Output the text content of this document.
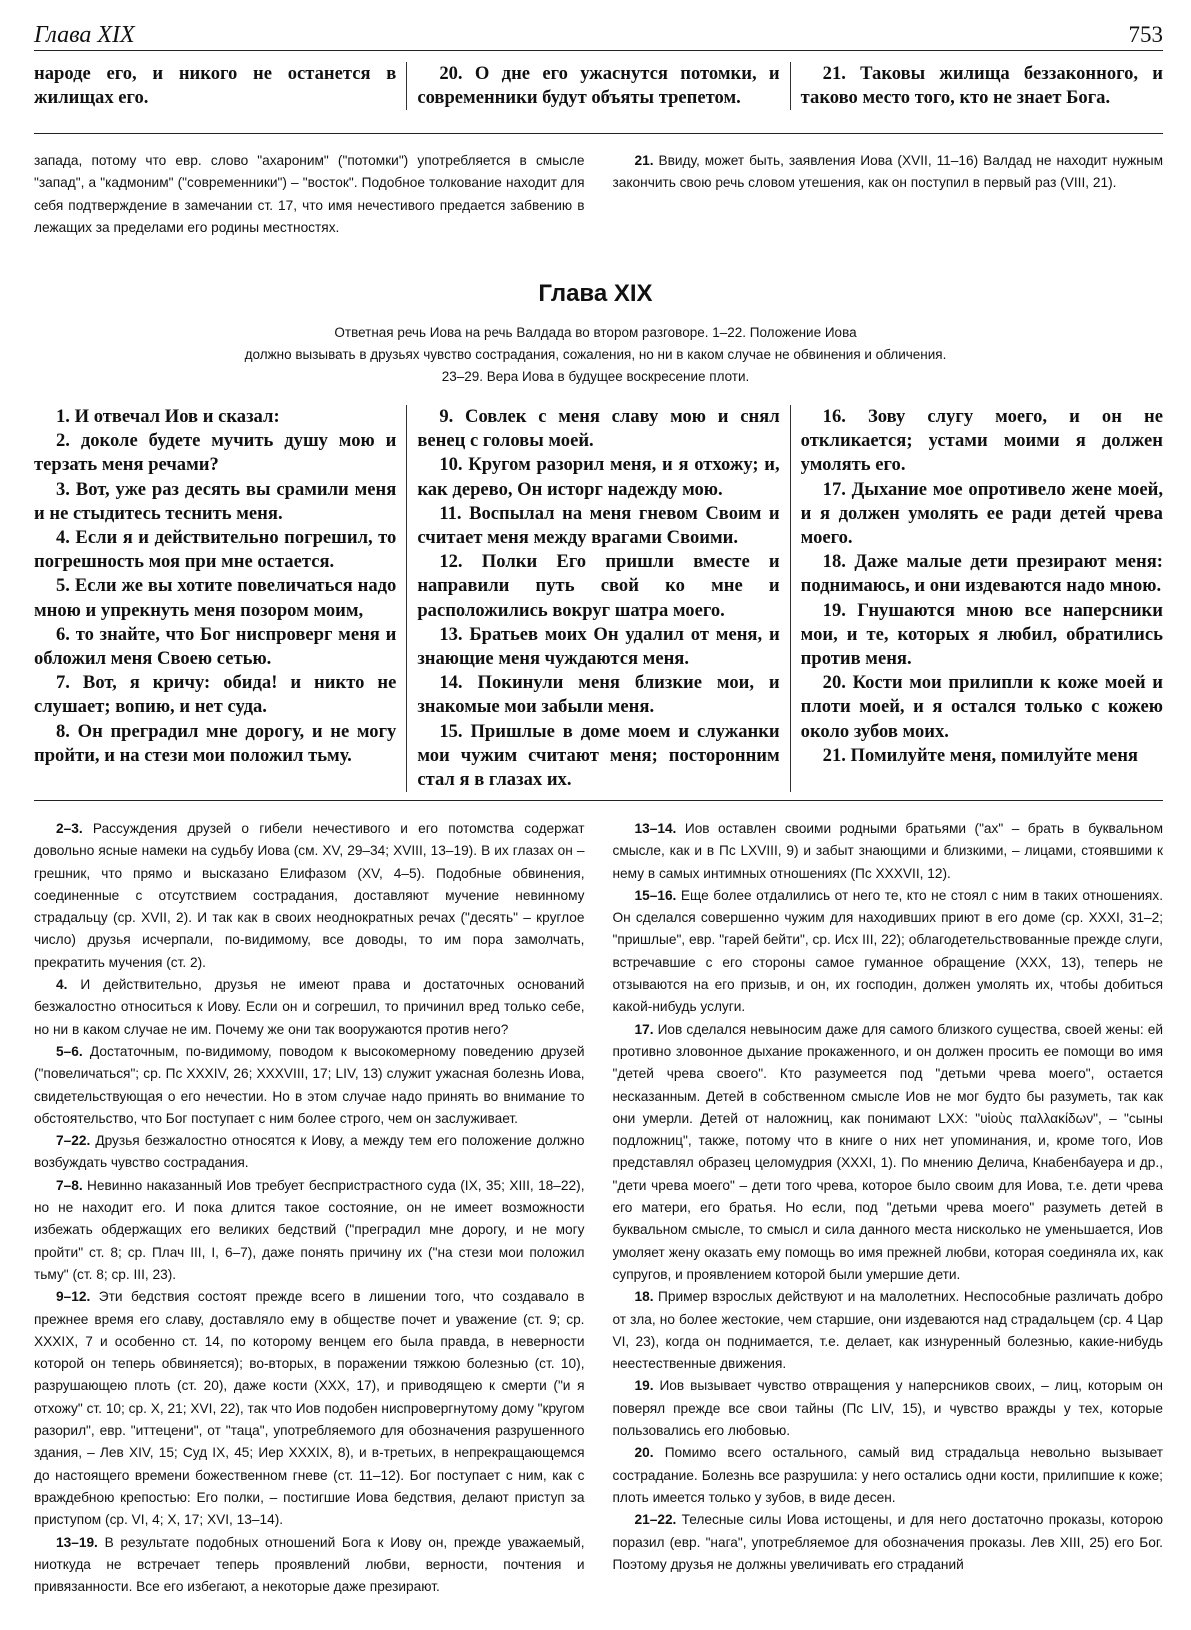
Глава XIX	753

народе его, и никого не останется в жилищах его.

20. О дне его ужаснутся потомки, и современники будут объяты трепетом.

21. Таковы жилища беззаконного, и таково место того, кто не знает Бога.

запада, потому что евр. слово "ахароним" ("потомки") употребляется в смысле "запад", а "кадмоним" ("современники") – "восток". Подобное толкование находит для себя подтверждение в замечании ст. 17, что имя нечестивого предается забвению в лежащих за пределами его родины местностях.

21. Ввиду, может быть, заявления Иова (XVII, 11–16) Валдад не находит нужным закончить свою речь словом утешения, как он поступил в первый раз (VIII, 21).

Глава XIX
Ответная речь Иова на речь Валдада во втором разговоре. 1–22. Положение Иова
должно вызывать в друзьях чувство сострадания, сожаления, но ни в каком случае не обвинения и обличения.
23–29. Вера Иова в будущее воскресение плоти.

1. И отвечал Иов и сказал:

2. доколе будете мучить душу мою и терзать меня речами?

3. Вот, уже раз десять вы срамили меня и не стыдитесь теснить меня.

4. Если я и действительно погрешил, то погрешность моя при мне остается.

5. Если же вы хотите повеличаться надо мною и упрекнуть меня позором моим,

6. то знайте, что Бог ниспроверг меня и обложил меня Своею сетью.

7. Вот, я кричу: обида! и никто не слушает; вопию, и нет суда.

8. Он преградил мне дорогу, и не могу пройти, и на стези мои положил тьму.

9. Совлек с меня славу мою и снял венец с головы моей.

10. Кругом разорил меня, и я отхожу; и, как дерево, Он исторг надежду мою.

11. Воспылал на меня гневом Своим и считает меня между врагами Своими.

12. Полки Его пришли вместе и направили путь свой ко мне и расположились вокруг шатра моего.

13. Братьев моих Он удалил от меня, и знающие меня чуждаются меня.

14. Покинули меня близкие мои, и знакомые мои забыли меня.

15. Пришлые в доме моем и служанки мои чужим считают меня; посторонним стал я в глазах их.

16. Зову слугу моего, и он не откликается; устами моими я должен умолять его.

17. Дыхание мое опротивело жене моей, и я должен умолять ее ради детей чрева моего.

18. Даже малые дети презирают меня: поднимаюсь, и они издеваются надо мною.

19. Гнушаются мною все наперсники мои, и те, которых я любил, обратились против меня.

20. Кости мои прилипли к коже моей и плоти моей, и я остался только с кожею около зубов моих.

21. Помилуйте меня, помилуйте меня

2–3. Рассуждения друзей о гибели нечестивого и его потомства содержат довольно ясные намеки на судьбу Иова (см. XV, 29–34; XVIII, 13–19). В их глазах он – грешник, что прямо и высказано Елифазом (XV, 4–5). Подобные обвинения, соединенные с отсутствием сострадания, доставляют мучение невинному страдальцу (ср. XVII, 2). И так как в своих неоднократных речах ("десять" – круглое число) друзья исчерпали, по-видимому, все доводы, то им пора замолчать, прекратить мучения (ст. 2).

4. И действительно, друзья не имеют права и достаточных оснований безжалостно относиться к Иову. Если он и согрешил, то причинил вред только себе, но ни в каком случае не им. Почему же они так вооружаются против него?

5–6. Достаточным, по-видимому, поводом к высокомерному поведению друзей ("повеличаться"; ср. Пс XXXIV, 26; XXXVIII, 17; LIV, 13) служит ужасная болезнь Иова, свидетельствующая о его нечестии. Но в этом случае надо принять во внимание то обстоятельство, что Бог поступает с ним более строго, чем он заслуживает.

7–22. Друзья безжалостно относятся к Иову, а между тем его положение должно возбуждать чувство сострадания.

7–8. Невинно наказанный Иов требует беспристрастного суда (IX, 35; XIII, 18–22), но не находит его. И пока длится такое состояние, он не имеет возможности избежать обдержащих его великих бедствий ("преградил мне дорогу, и не могу пройти" ст. 8; ср. Плач III, I, 6–7), даже понять причину их ("на стези мои положил тьму" (ст. 8; ср. III, 23).

9–12. Эти бедствия состоят прежде всего в лишении того, что создавало в прежнее время его славу, доставляло ему в обществе почет и уважение (ст. 9; ср. XXXIX, 7 и особенно ст. 14, по которому венцем его была правда, в неверности которой он теперь обвиняется); во-вторых, в поражении тяжкою болезнью (ст. 10), разрушающею плоть (ст. 20), даже кости (XXX, 17), и приводящею к смерти ("и я отхожу" ст. 10; ср. X, 21; XVI, 22), так что Иов подобен ниспровергнутому дому "кругом разорил", евр. "иттецени", от "таца", употребляемого для обозначения разрушенного здания, – Лев XIV, 15; Суд IX, 45; Иер XXXIX, 8), и в-третьих, в непрекращающемся до настоящего времени божественном гневе (ст. 11–12). Бог поступает с ним, как с враждебною крепостью: Его полки, – постигшие Иова бедствия, делают приступ за приступом (ср. VI, 4; X, 17; XVI, 13–14).

13–19. В результате подобных отношений Бога к Иову он, прежде уважаемый, ниоткуда не встречает теперь проявлений любви, верности, почтения и привязанности. Все его избегают, а некоторые даже презирают.

13–14. Иов оставлен своими родными братьями ("ах" – брать в буквальном смысле, как и в Пс LXVIII, 9) и забыт знающими и близкими, – лицами, стоявшими к нему в самых интимных отношениях (Пс XXXVII, 12).

15–16. Еще более отдалились от него те, кто не стоял с ним в таких отношениях. Он сделался совершенно чужим для находивших приют в его доме (ср. XXXI, 31–2; "пришлые", евр. "гарей бейти", ср. Исх III, 22); облагодетельствованные прежде слуги, встречавшие с его стороны самое гуманное обращение (XXX, 13), теперь не отзываются на его призыв, и он, их господин, должен умолять их, чтобы добиться какой-нибудь услуги.

17. Иов сделался невыносим даже для самого близкого существа, своей жены: ей противно зловонное дыхание прокаженного, и он должен просить ее помощи во имя "детей чрева своего". Кто разумеется под "детьми чрева моего", остается несказанным. Детей в собственном смысле Иов не мог будто бы разуметь, так как они умерли. Детей от наложниц, как понимают LXX: "υἱοὺς παλλακίδων", – "сыны подложниц", также, потому что в книге о них нет упоминания, и, кроме того, Иов представлял образец целомудрия (XXXI, 1). По мнению Делича, Кнабенбауера и др., "дети чрева моего" – дети того чрева, которое было своим для Иова, т.е. дети чрева его матери, его братья. Но если, под "детьми чрева моего" разуметь детей в буквальном смысле, то смысл и сила данного места нисколько не уменьшается, Иов умоляет жену оказать ему помощь во имя прежней любви, которая соединяла их, как супругов, и проявлением которой были умершие дети.

18. Пример взрослых действуют и на малолетних. Неспособные различать добро от зла, но более жестокие, чем старшие, они издеваются над страдальцем (ср. 4 Цар VI, 23), когда он поднимается, т.е. делает, как изнуренный болезнью, какие-нибудь неестественные движения.

19. Иов вызывает чувство отвращения у наперсников своих, – лиц, которым он поверял прежде все свои тайны (Пс LIV, 15), и чувство вражды у тех, которые пользовались его любовью.

20. Помимо всего остального, самый вид страдальца невольно вызывает сострадание. Болезнь все разрушила: у него остались одни кости, прилипшие к коже; плоть имеется только у зубов, в виде десен.

21–22. Телесные силы Иова истощены, и для него достаточно проказы, которою поразил (евр. "нага", употребляемое для обозначения проказы. Лев XIII, 25) его Бог. Поэтому друзья не должны увеличивать его страданий
